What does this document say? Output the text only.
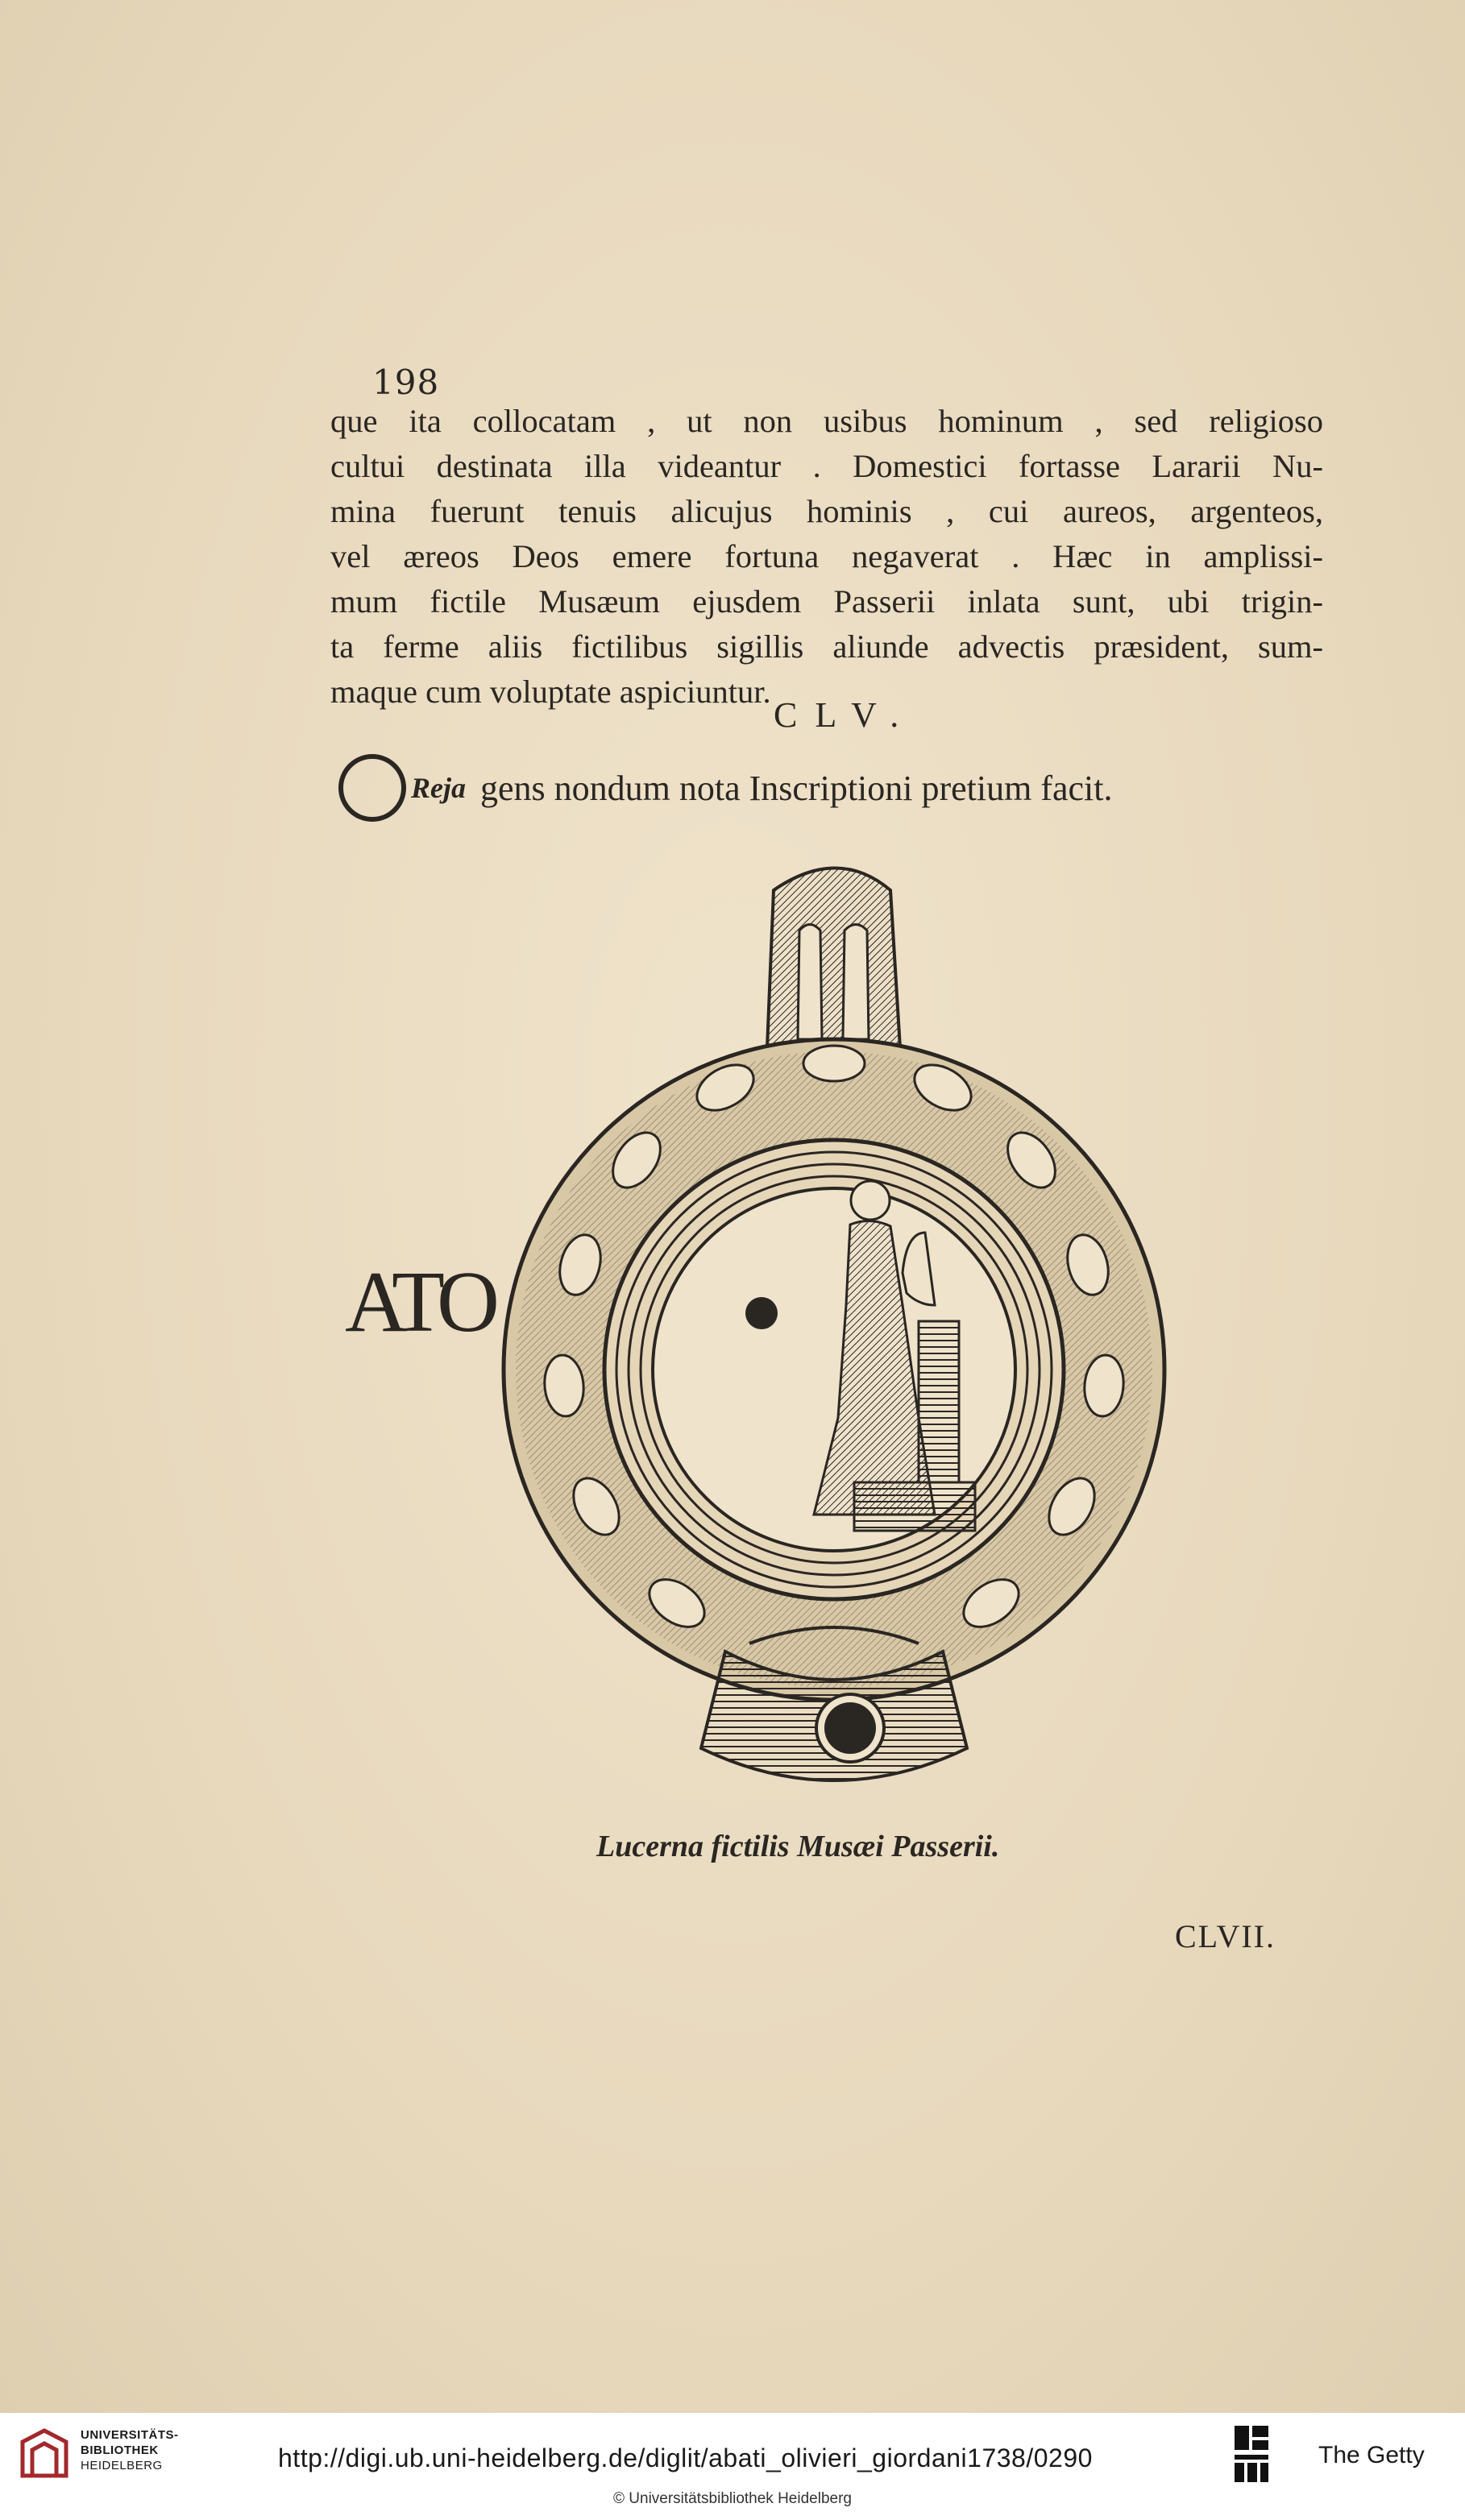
198
que ita collocatam , ut non usibus hominum , sed religioso
cultui destinata illa videantur . Domestici fortasse Lararii Nu-
mina fuerunt tenuis alicujus hominis , cui aureos, argenteos,
vel æreos Deos emere fortuna negaverat . Hæc in amplissi-
mum fictile Musæum ejusdem Passerii inlata sunt, ubi trigin-
ta ferme aliis fictilibus sigillis aliunde advectis præsident, sum-
maque cum voluptate aspiciuntur.
CLV.
Reja gens nondum nota Inscriptioni pretium facit.
ATO
Lucerna fictilis Musæi Passerii.
CLVII.
UNIVERSITÄTS-
BIBLIOTHEK
HEIDELBERG	http://digi.ub.uni-heidelberg.de/diglit/abati_olivieri_giordani1738/0290
© Universitätsbibliothek Heidelberg
The Getty
